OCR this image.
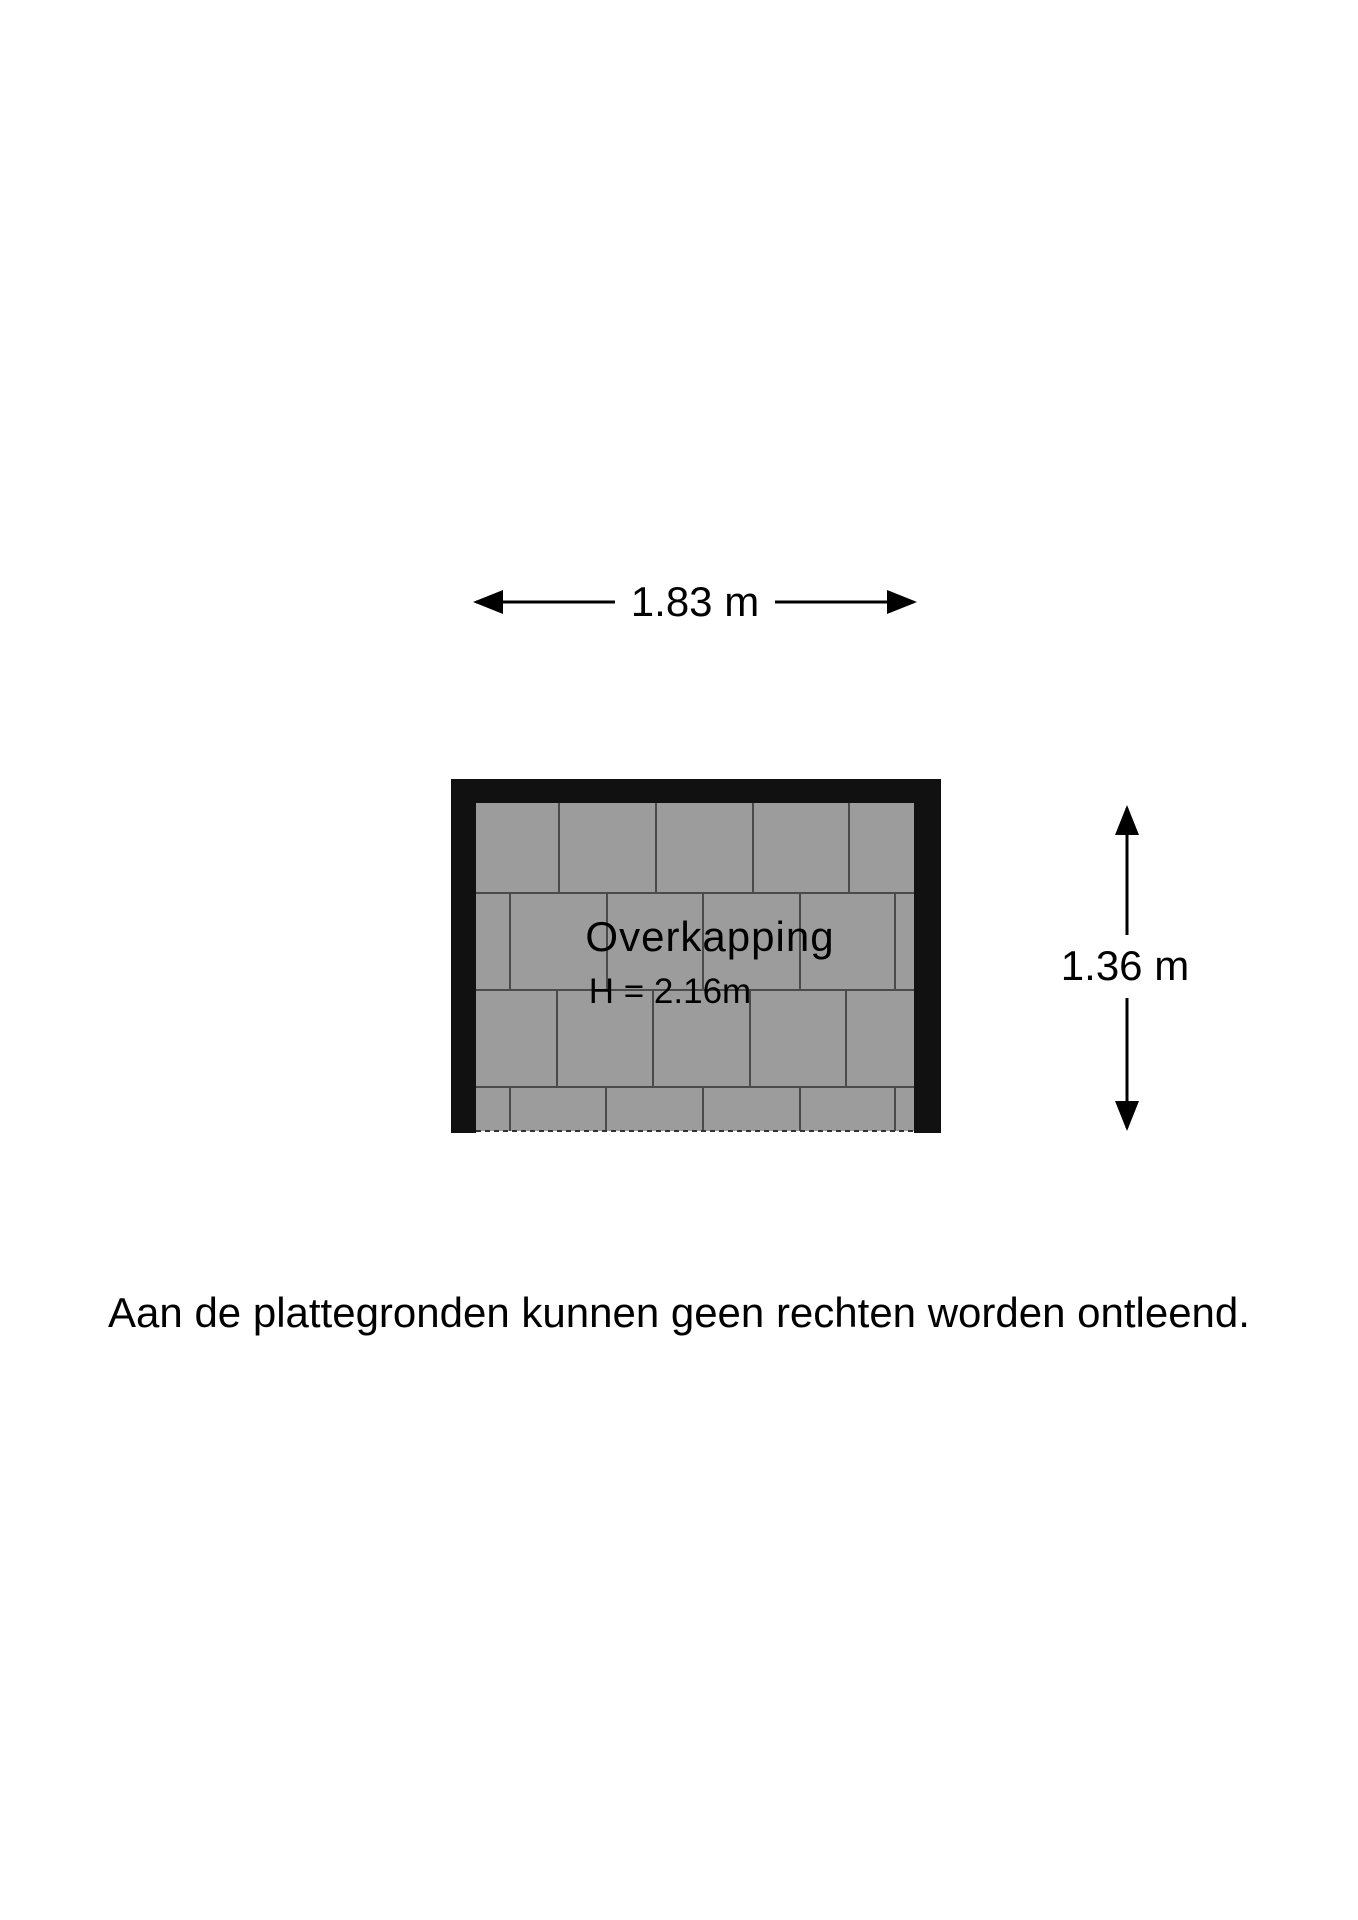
1.83 m
1.36 m
Overkapping
H = 2.16m
Aan de plattegronden kunnen geen rechten worden ontleend.
